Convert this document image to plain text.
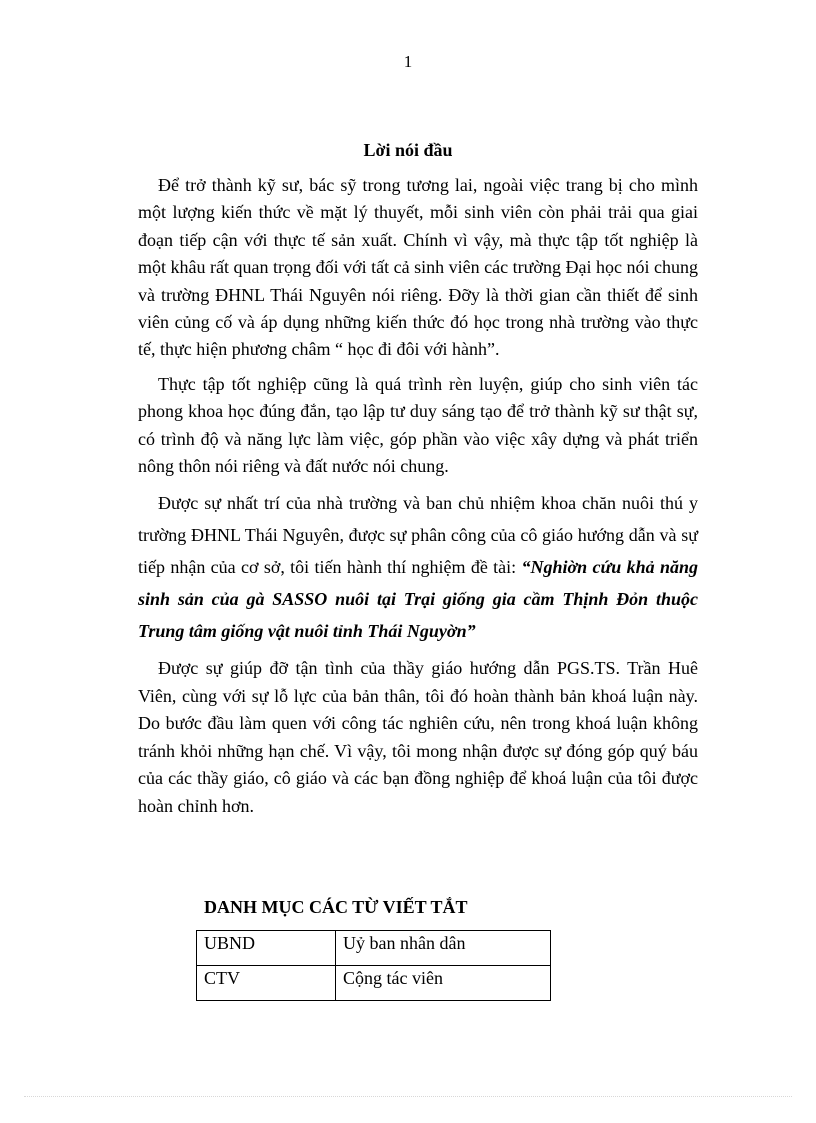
1
Lời nói đầu

Để trở thành kỹ sư, bác sỹ trong tương lai, ngoài việc trang bị cho mình một lượng kiến thức về mặt lý thuyết, mỗi sinh viên còn phải trải qua giai đoạn tiếp cận với thực tế sản xuất. Chính vì vậy, mà thực tập tốt nghiệp là một khâu rất quan trọng đối với tất cả sinh viên các trường Đại học nói chung và trường ĐHNL Thái Nguyên nói riêng. Đỡy là thời gian cần thiết để sinh viên củng cố và áp dụng những kiến thức đó học trong nhà trường vào thực tế, thực hiện phương châm “ học đi đôi với hành”.

Thực tập tốt nghiệp cũng là quá trình rèn luyện, giúp cho sinh viên tác phong khoa học đúng đắn, tạo lập tư duy sáng tạo để trở thành kỹ sư thật sự, có trình độ và năng lực làm việc, góp phần vào việc xây dựng và phát triển nông thôn nói riêng và đất nước nói chung.

Được sự nhất trí của nhà trường và ban chủ nhiệm khoa chăn nuôi thú y trường ĐHNL Thái Nguyên, được sự phân công của cô giáo hướng dẫn và sự tiếp nhận của cơ sở, tôi tiến hành thí nghiệm đề tài: “Nghiờn cứu khả năng sinh sản của gà SASSO nuôi tại Trại giống gia cầm Thịnh Đỏn thuộc Trung tâm giống vật nuôi tỉnh Thái Nguyờn”

Được sự giúp đỡ tận tình của thầy giáo hướng dẫn PGS.TS. Trần Huê Viên, cùng với sự lỗ lực của bản thân, tôi đó hoàn thành bản khoá luận này. Do bước đầu làm quen với công tác nghiên cứu, nên trong khoá luận không tránh khỏi những hạn chế. Vì vậy, tôi mong nhận được sự đóng góp quý báu của các thầy giáo, cô giáo và các bạn đồng nghiệp để khoá luận của tôi được hoàn chỉnh hơn.

DANH MỤC CÁC TỪ VIẾT TẮT
UBND	Uỷ ban nhân dân
CTV	Cộng tác viên
